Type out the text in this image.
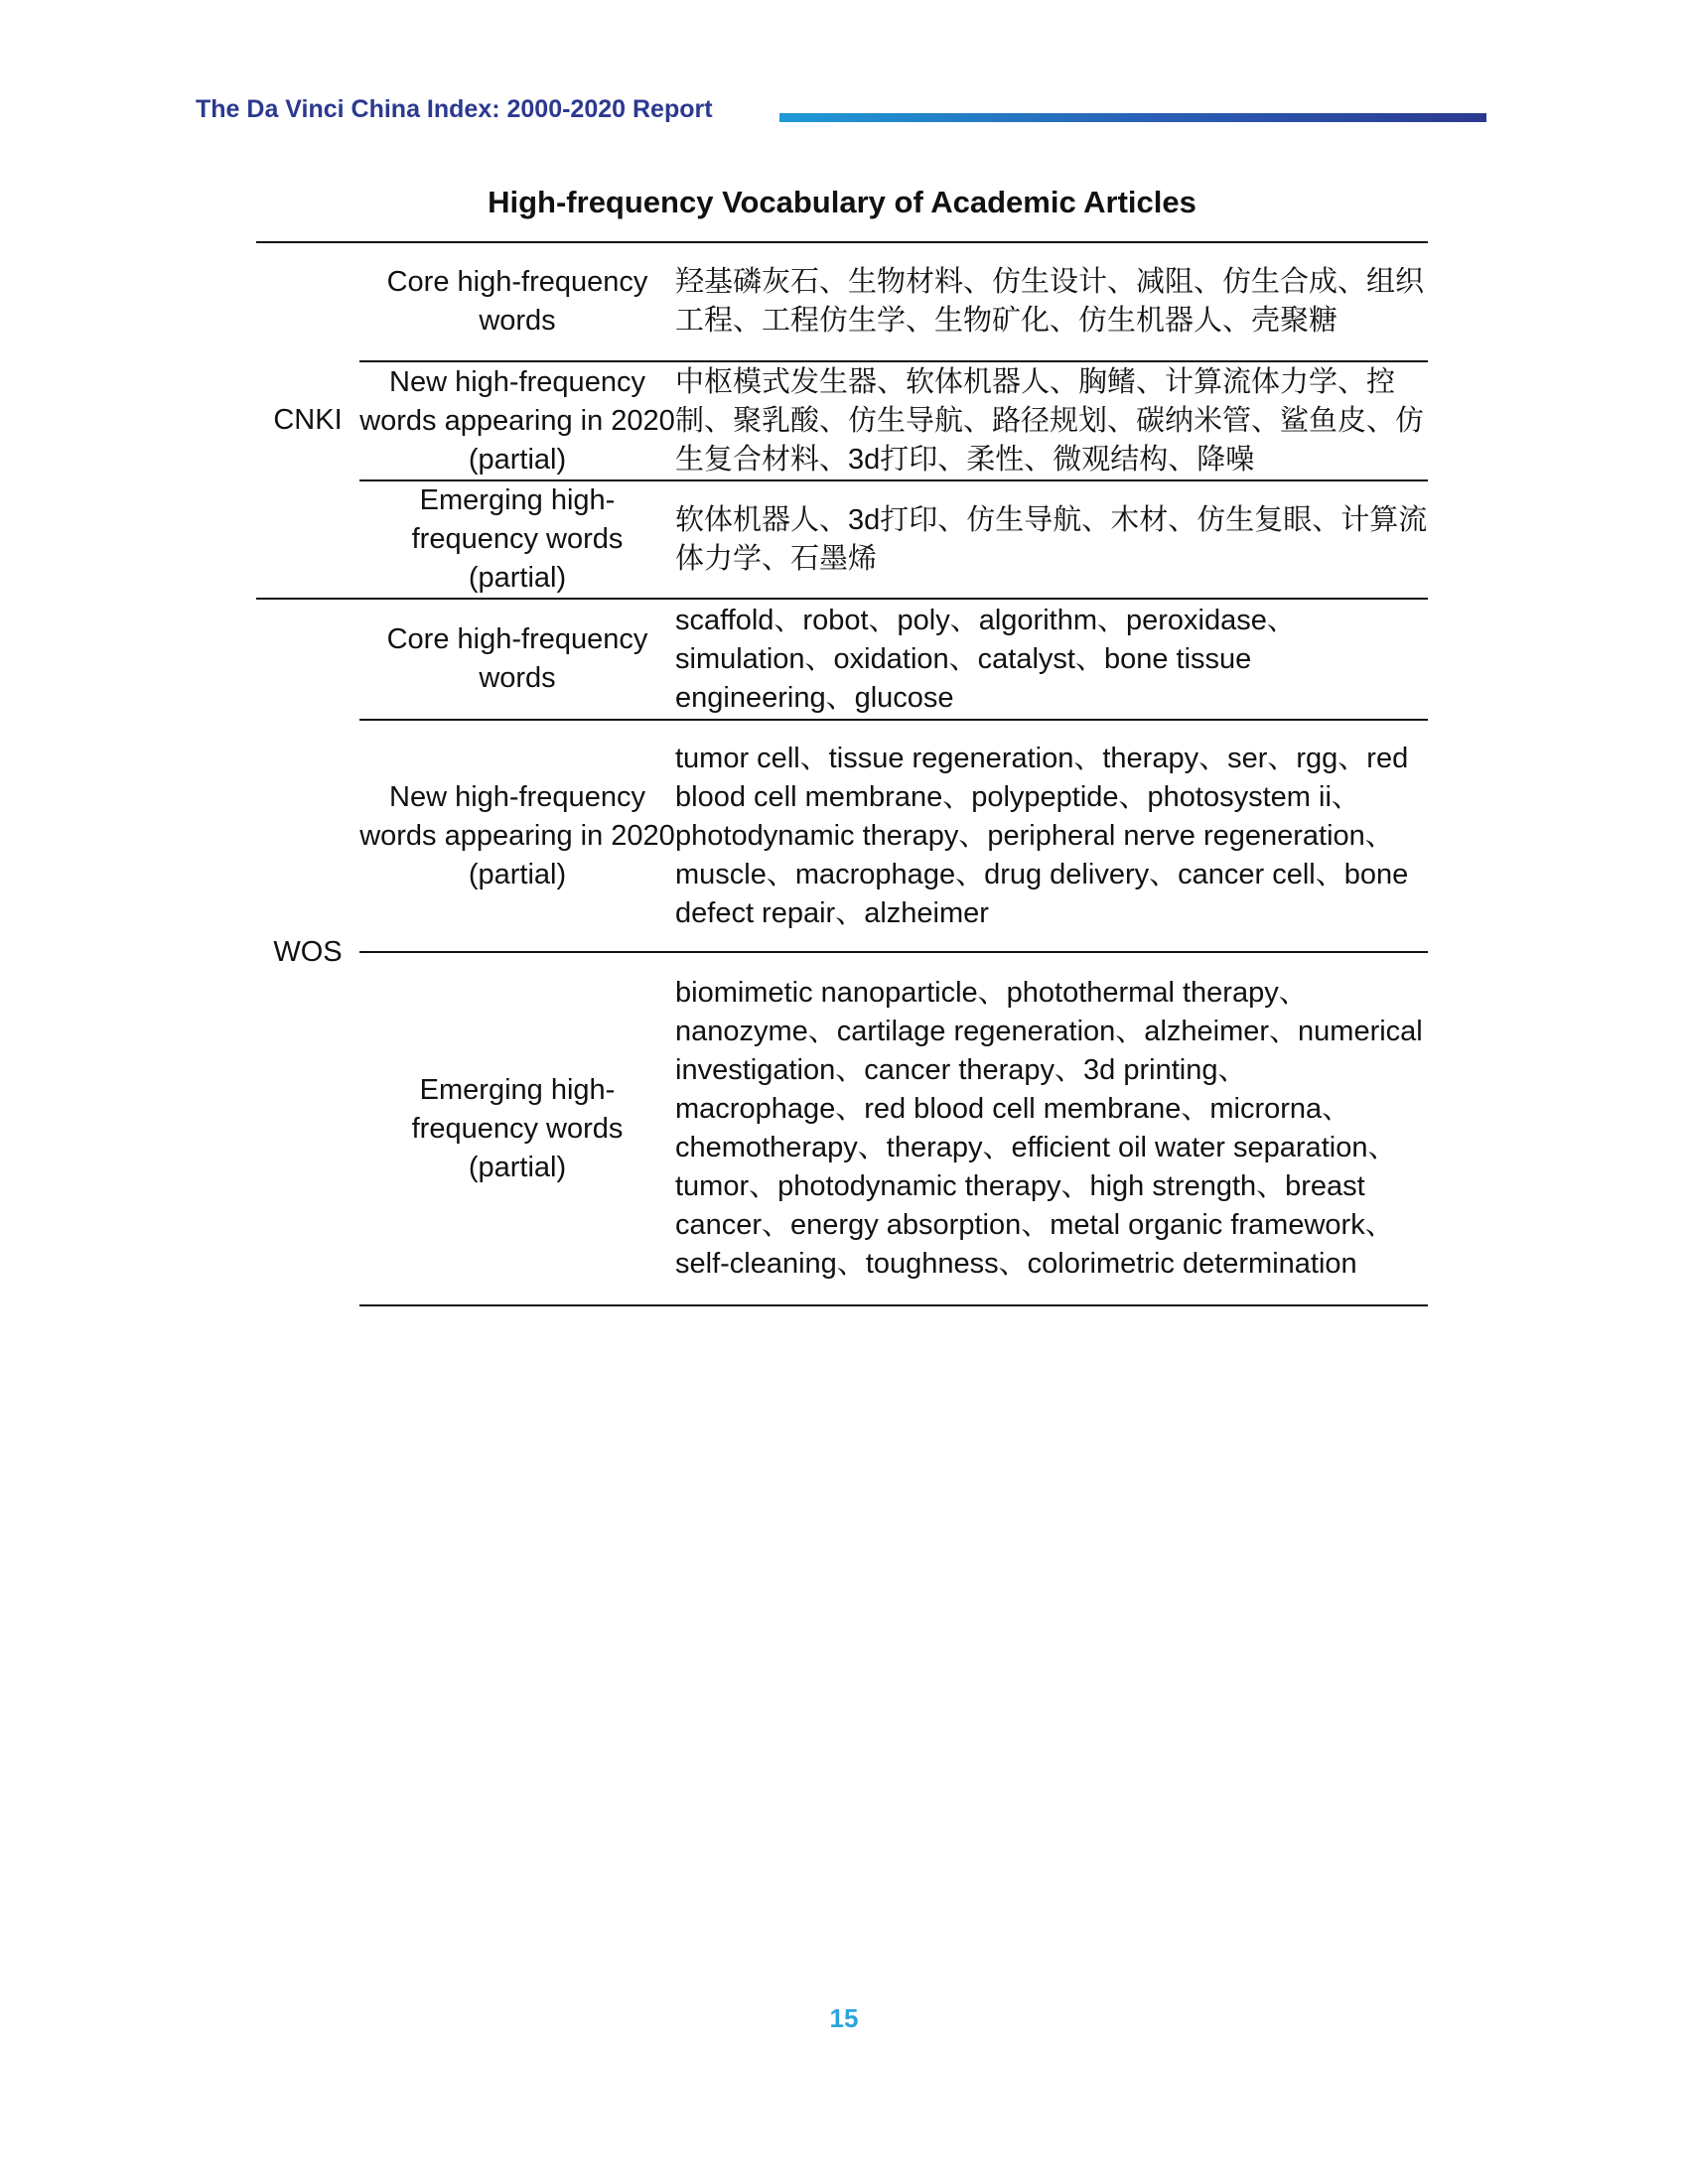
The Da Vinci China Index: 2000-2020 Report
High-frequency Vocabulary of Academic Articles
CNKI	Core high-frequency words	羟基磷灰石、生物材料、仿生设计、减阻、仿生合成、组织工程、工程仿生学、生物矿化、仿生机器人、壳聚糖
	New high-frequency words appearing in 2020 (partial)	中枢模式发生器、软体机器人、胸鳍、计算流体力学、控制、聚乳酸、仿生导航、路径规划、碳纳米管、鲨鱼皮、仿生复合材料、3d打印、柔性、微观结构、降噪
	Emerging high-frequency words (partial)	软体机器人、3d打印、仿生导航、木材、仿生复眼、计算流体力学、石墨烯
WOS	Core high-frequency words	scaffold、robot、poly、algorithm、peroxidase、simulation、oxidation、catalyst、bone tissue engineering、glucose
	New high-frequency words appearing in 2020 (partial)	tumor cell、tissue regeneration、therapy、ser、rgg、red blood cell membrane、polypeptide、photosystem ii、photodynamic therapy、peripheral nerve regeneration、muscle、macrophage、drug delivery、cancer cell、bone defect repair、alzheimer
	Emerging high-frequency words (partial)	biomimetic nanoparticle、photothermal therapy、nanozyme、cartilage regeneration、alzheimer、numerical investigation、cancer therapy、3d printing、macrophage、red blood cell membrane、microrna、chemotherapy、therapy、efficient oil water separation、tumor、photodynamic therapy、high strength、breast cancer、energy absorption、metal organic framework、self-cleaning、toughness、colorimetric determination
15
